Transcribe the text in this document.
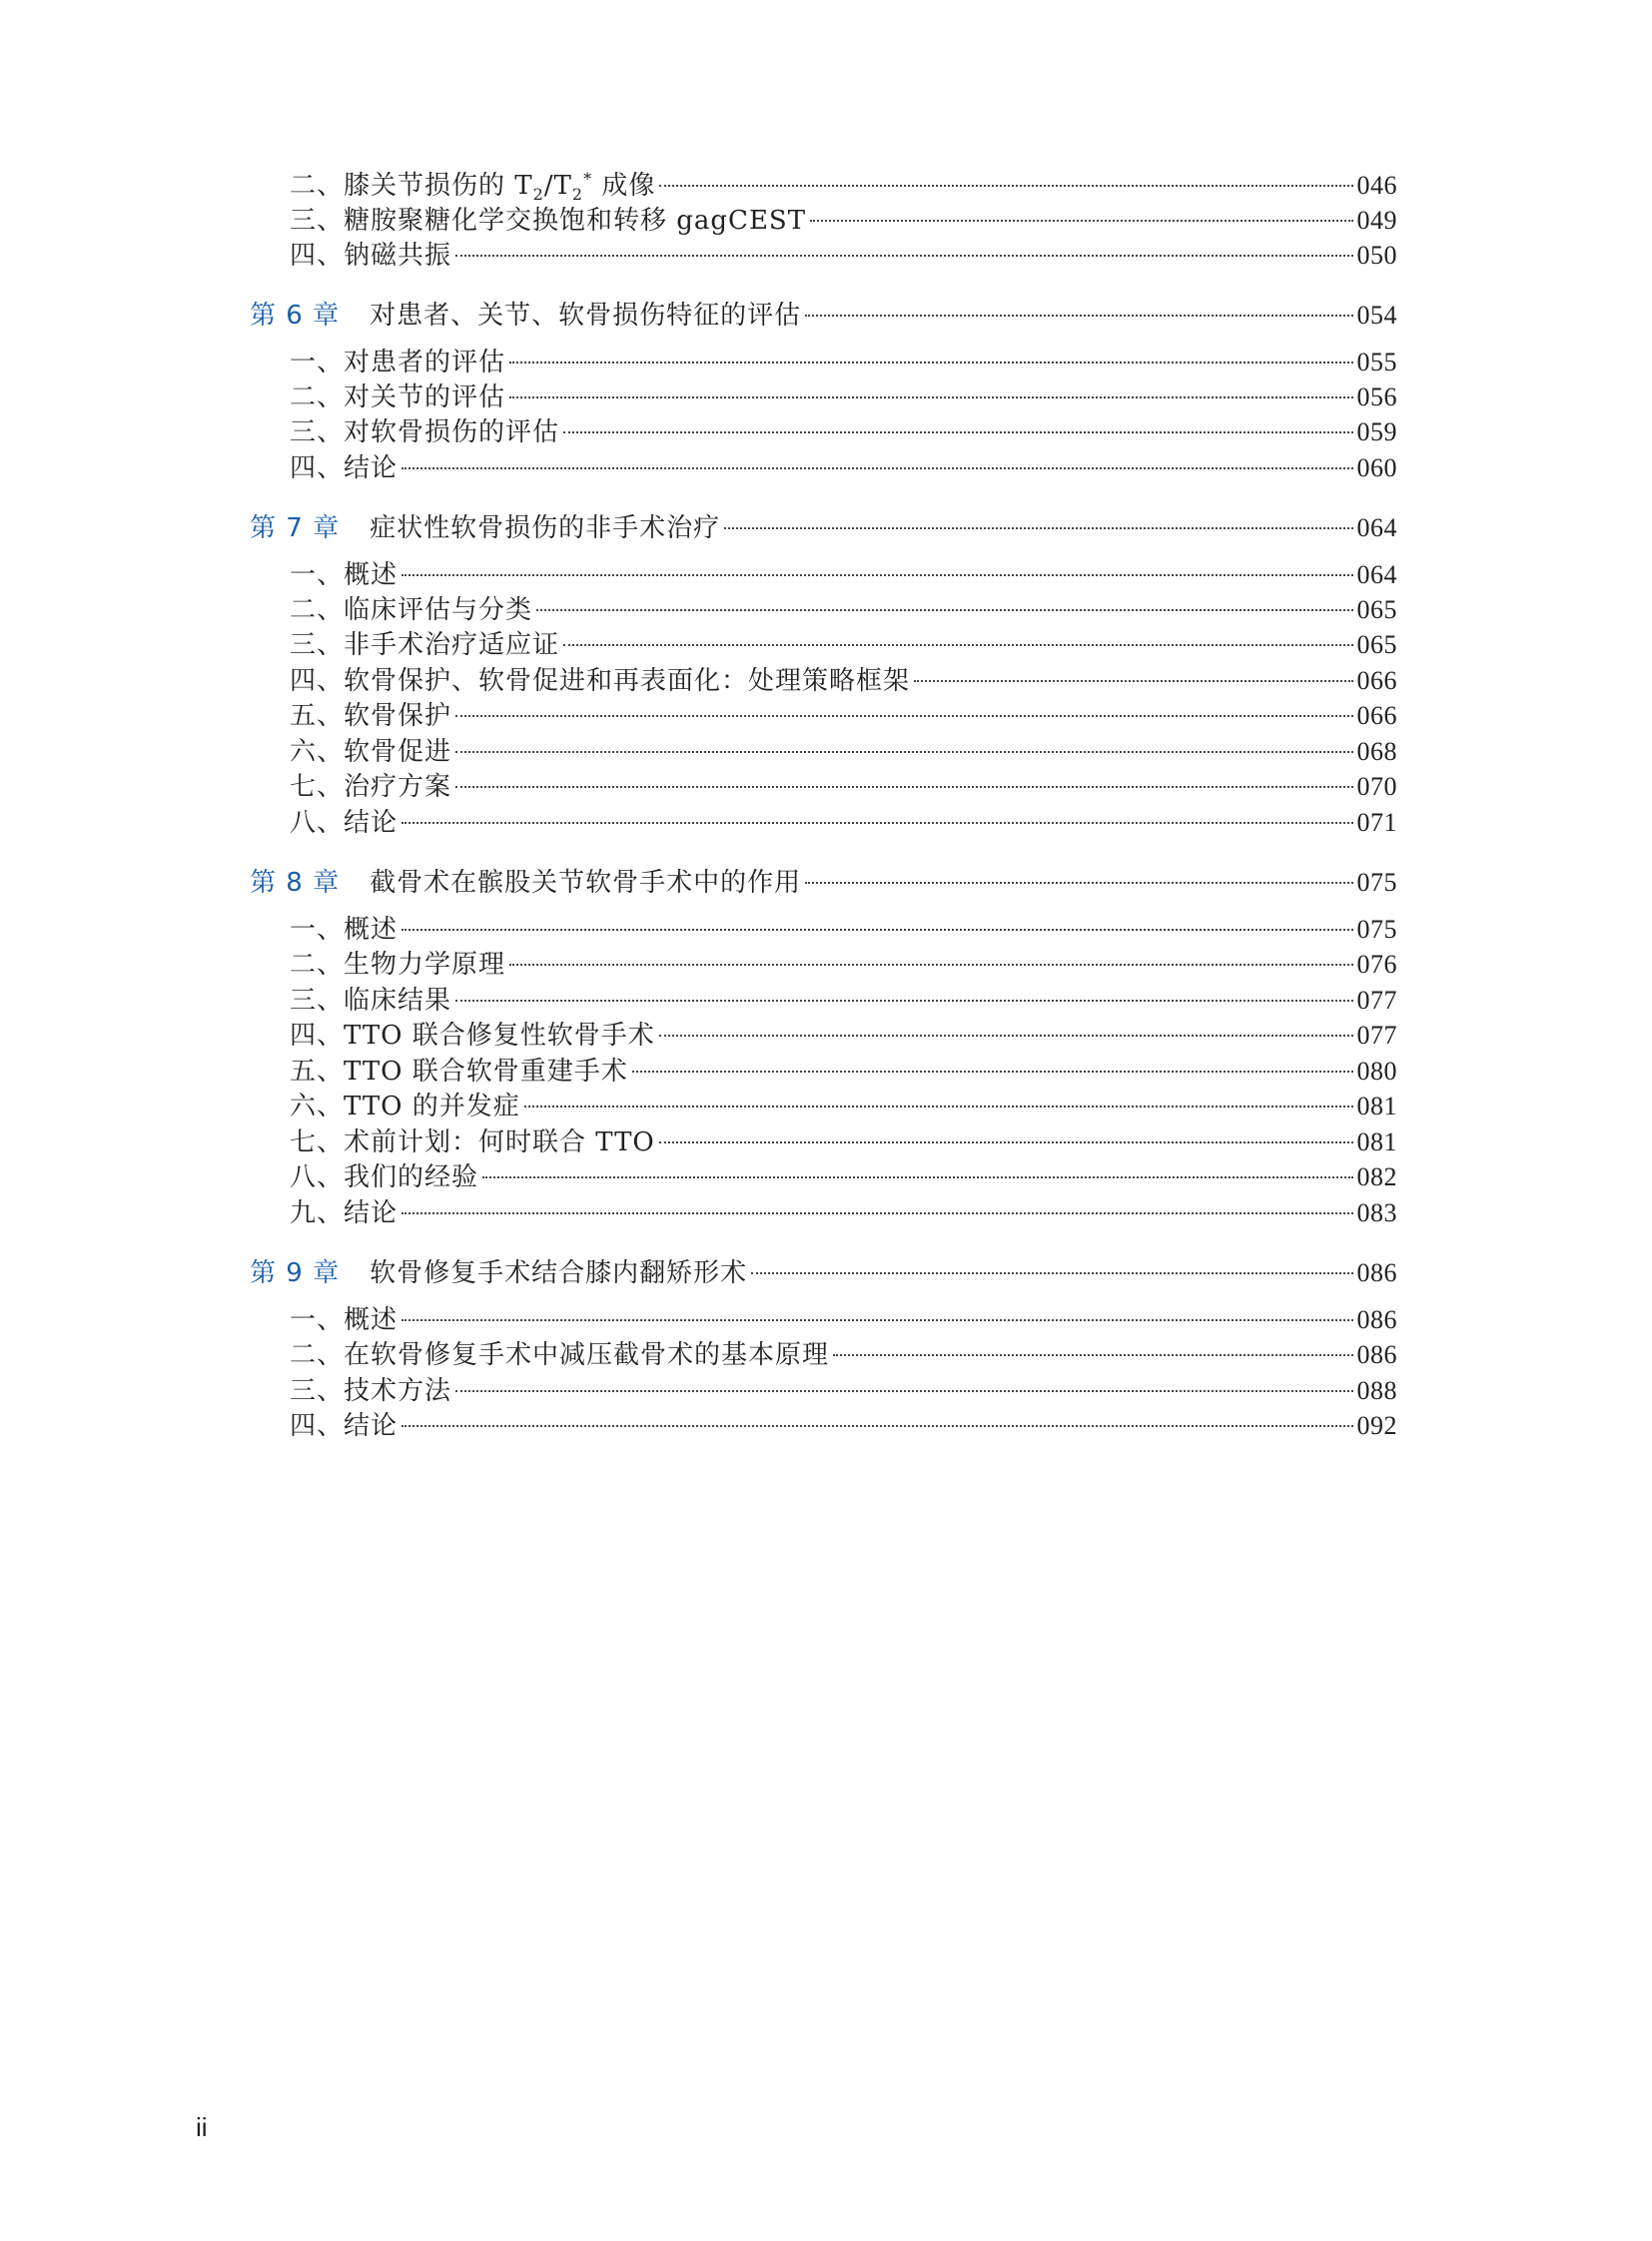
二、膝关节损伤的 $T_2/T_2^*$ 成像	046
三、糖胺聚糖化学交换饱和转移 gagCEST	049
四、钠磁共振	050
第 6 章 对患者、关节、软骨损伤特征的评估	054
一、对患者的评估	055
二、对关节的评估	056
三、对软骨损伤的评估	059
四、结论	060
第 7 章 症状性软骨损伤的非手术治疗	064
一、概述	064
二、临床评估与分类	065
三、非手术治疗适应证	065
四、软骨保护、软骨促进和再表面化：处理策略框架	066
五、软骨保护	066
六、软骨促进	068
七、治疗方案	070
八、结论	071
第 8 章 截骨术在髌股关节软骨手术中的作用	075
一、概述	075
二、生物力学原理	076
三、临床结果	077
四、TTO 联合修复性软骨手术	077
五、TTO 联合软骨重建手术	080
六、TTO 的并发症	081
七、术前计划：何时联合 TTO	081
八、我们的经验	082
九、结论	083
第 9 章 软骨修复手术结合膝内翻矫形术	086
一、概述	086
二、在软骨修复手术中减压截骨术的基本原理	086
三、技术方法	088
四、结论	092
ii
